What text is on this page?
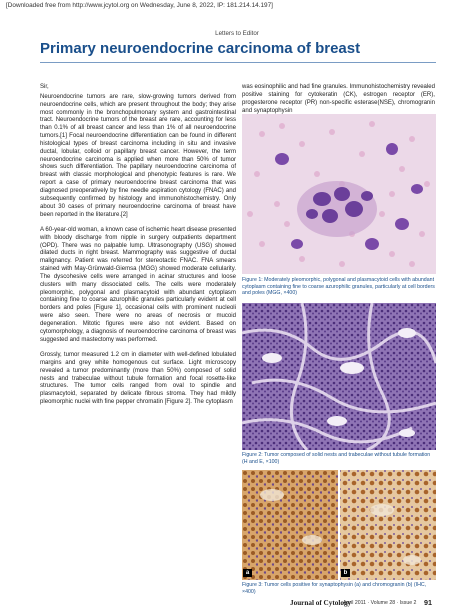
[Downloaded free from http://www.jcytol.org on Wednesday, June 8, 2022, IP: 181.214.14.197]
Letters to Editor
Primary neuroendocrine carcinoma of breast

Sir,

Neuroendocrine tumors are rare, slow-growing tumors derived from neuroendocrine cells, which are present throughout the body; they arise most commonly in the bronchopulmonary system and gastrointestinal tract. Neuroendocrine tumors of the breast are rare, accounting for less than 0.1% of all breast cancer and less than 1% of all neuroendocrine tumors.[1] Focal neuroendocrine differentiation can be found in different histological types of breast carcinoma including in situ and invasive ductal, lobular, colloid or papillary breast cancer. However, the term neuroendocrine carcinoma is applied when more than 50% of tumor shows such differentiation. The papillary neuroendocrine carcinoma of breast with classic morphological and phenotypic features is rare. We report a case of primary neuroendocrine breast carcinoma that was diagnosed preoperatively by fine needle aspiration cytology (FNAC) and subsequently confirmed by histology and immunohistochemistry. Only about 30 cases of primary neuroendocrine carcinoma of breast have been reported in the literature.[2]

A 60-year-old woman, a known case of ischemic heart disease presented with bloody discharge from nipple in surgery outpatients department (OPD). There was no palpable lump. Ultrasonography (USG) showed dilated ducts in right breast. Mammography was suggestive of ductal malignancy. Patient was referred for stereotactic FNAC. FNA smears stained with May-Grünwald-Giemsa (MGG) showed moderate cellularity. The dyscohesive cells were arranged in acinar structures and loose clusters with many dissociated cells. The cells were moderately pleomorphic, polygonal and plasmacytoid with abundant cytoplasm containing fine to coarse azurophilic granules particularly evident at cell borders and poles [Figure 1], occasional cells with prominent nucleoli were also seen. There were no areas of necrosis or mucoid degeneration. Mitotic figures were also not evident. Based on cytomorphology, a diagnosis of neuroendocrine carcinoma of breast was suggested and mastectomy was performed.

Grossly, tumor measured 1.2 cm in diameter with well-defined lobulated margins and grey white homogenous cut surface. Light microscopy revealed a tumor predominantly (more than 50%) composed of solid nests and trabeculae without tubule formation and focal rosette-like structures. The tumor cells ranged from oval to spindle and plasmacytoid, separated by delicate fibrous stroma. They had mildly pleomorphic nuclei with fine pepper chromatin [Figure 2]. The cytoplasm

was eosinophilic and had fine granules. Immunohistochemistry revealed positive staining for cytokeratin (CK), estrogen receptor (ER), progesterone receptor (PR) non-specific esterase(NSE), chromogranin and synaptophysin

Figure 1: Moderately pleomorphic, polygonal and plasmacytoid cells with abundant cytoplasm containing fine to coarse azurophilic granules, particularly at cell borders and poles (MGG, ×400)
Figure 2: Tumor composed of solid nests and trabeculae without tubule formation (H and E, ×100)
a	b
Figure 3: Tumor cells positive for synaptophysin (a) and chromogranin (b) (IHC, ×400)
Journal of Cytology
April 2011 · Volume 28 · Issue 2 91
